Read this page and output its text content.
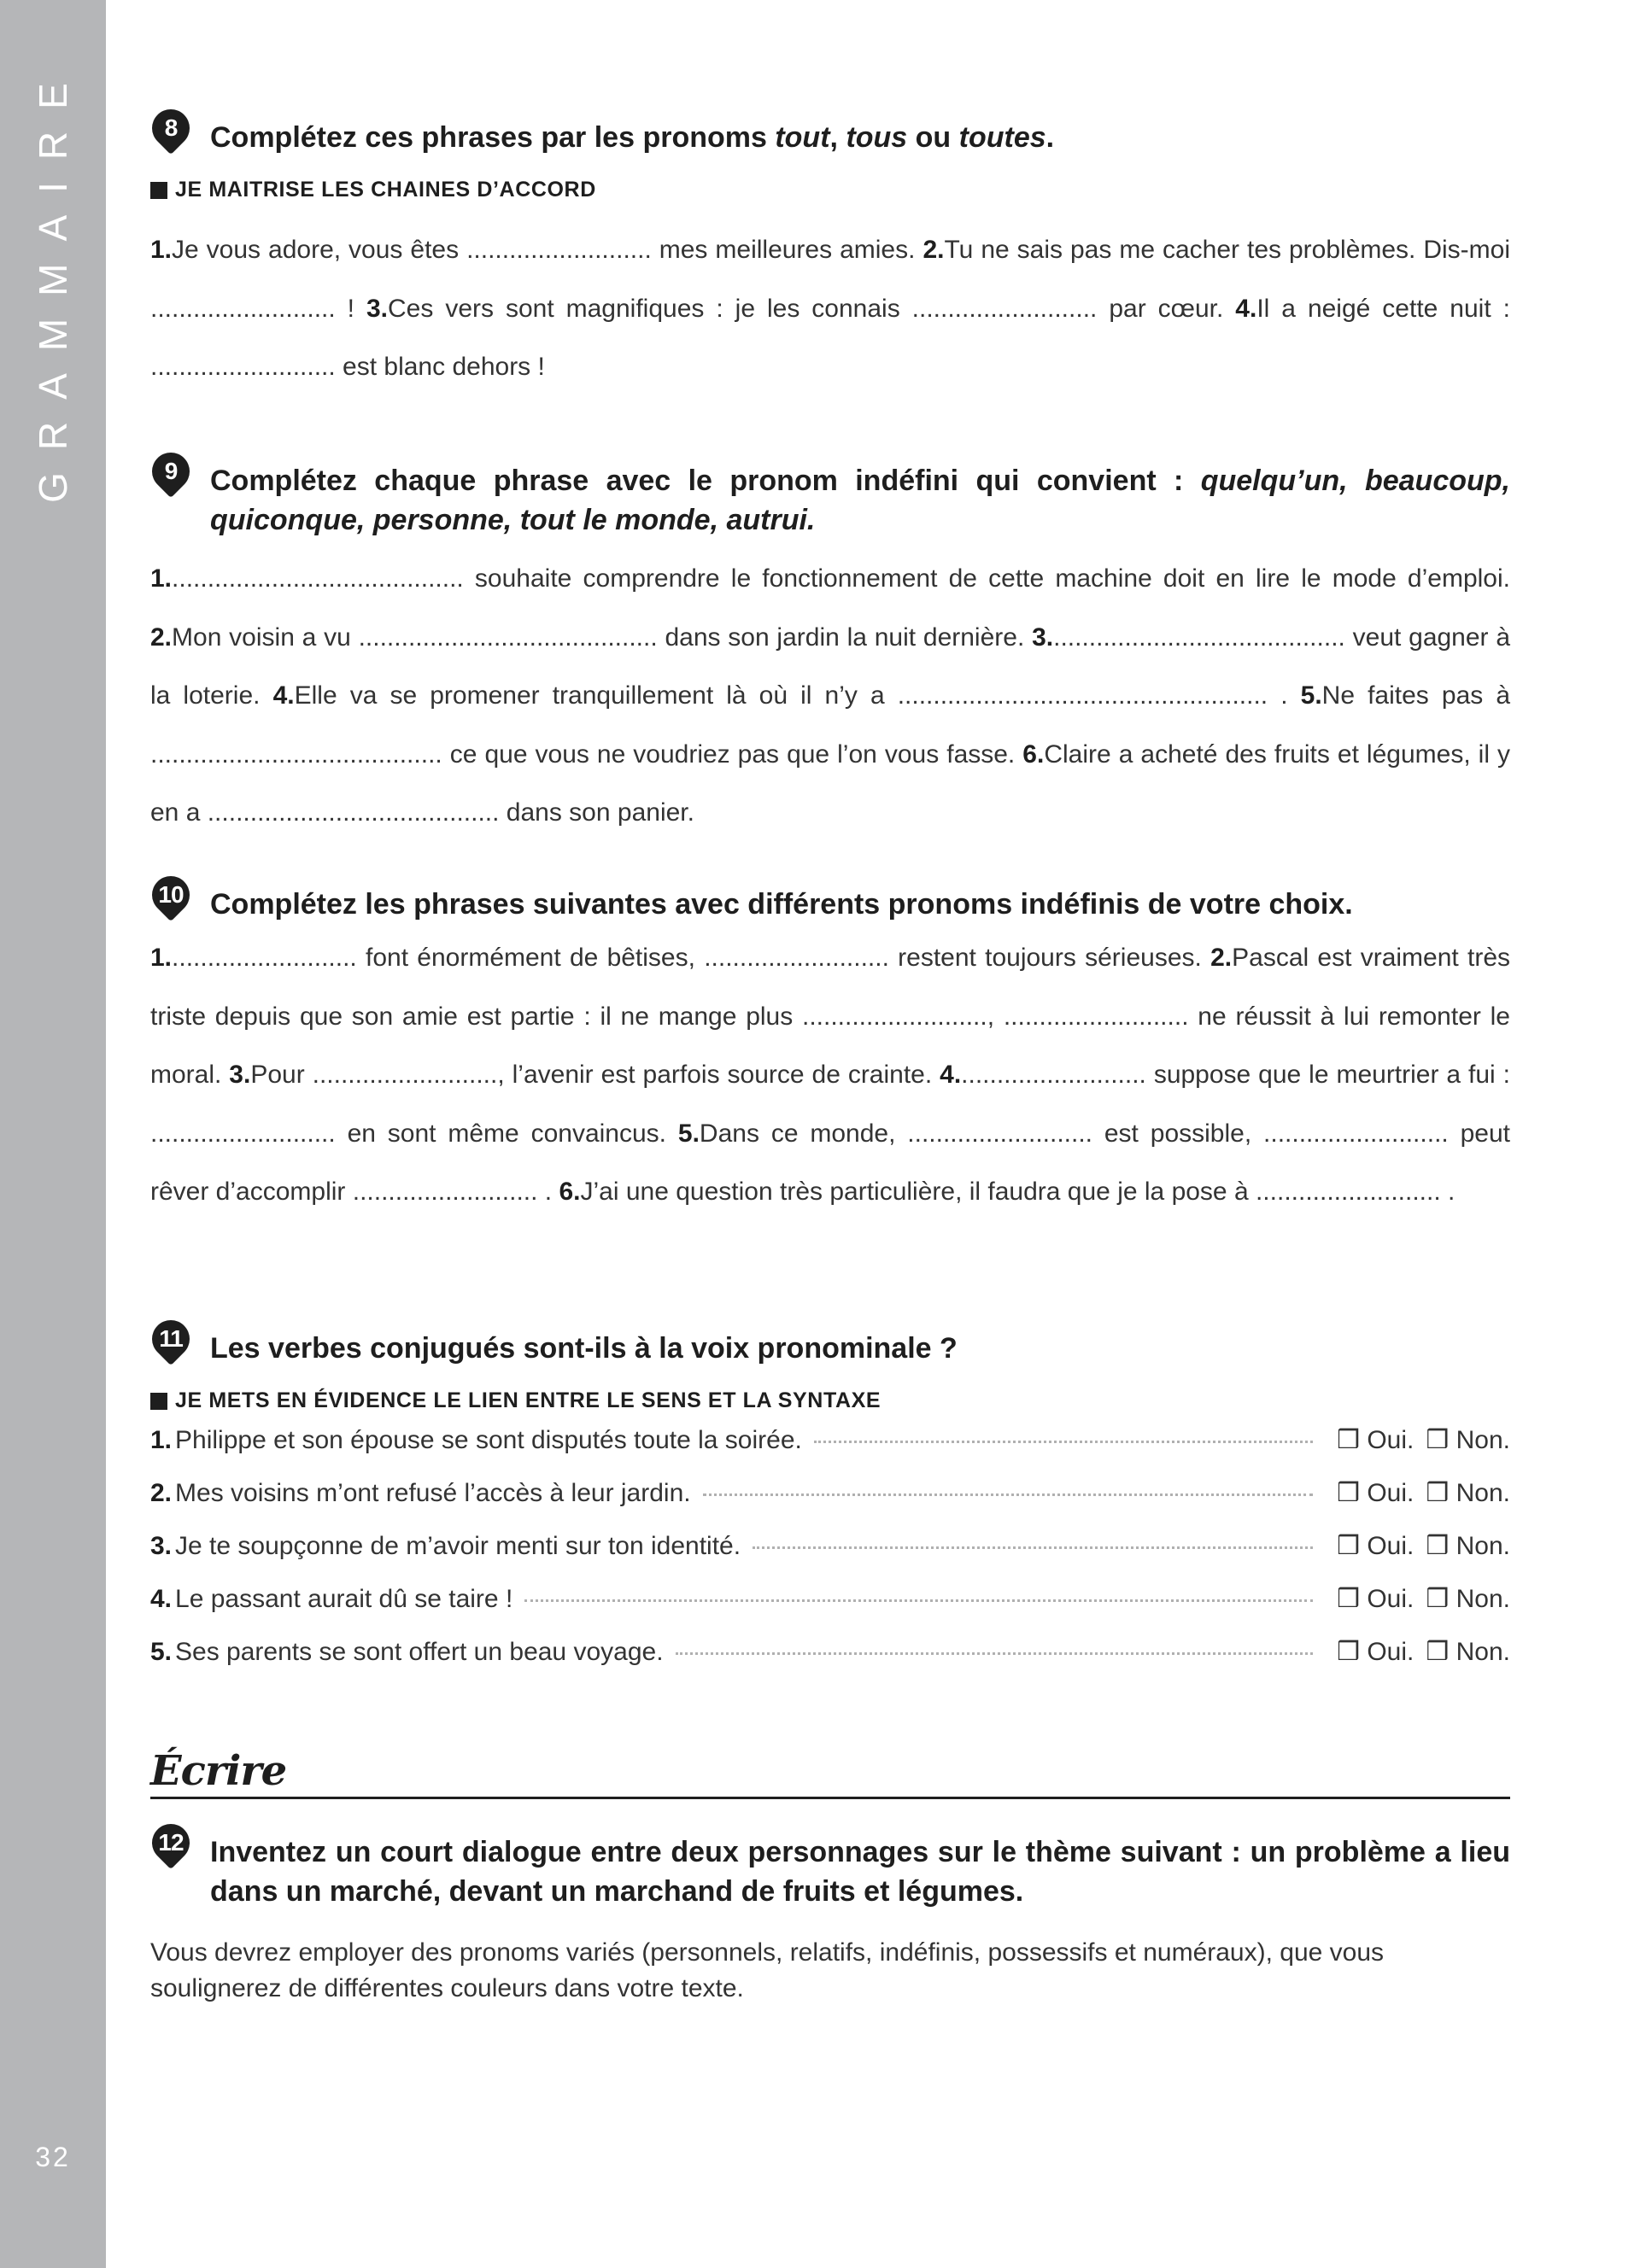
GRAMMAIRE
32
8	Complétez ces phrases par les pronoms tout, tous ou toutes.
JE MAITRISE LES CHAINES D’ACCORD
1.Je vous adore, vous êtes .......................... mes meilleures amies. 2.Tu ne sais pas me cacher tes problèmes. Dis-moi .......................... ! 3.Ces vers sont magnifiques : je les connais .......................... par cœur. 4.Il a neigé cette nuit : .......................... est blanc dehors !
9	Complétez chaque phrase avec le pronom indéfini qui convient : quelqu’un, beaucoup, quiconque, personne, tout le monde, autrui.
1.......................................... souhaite comprendre le fonctionnement de cette machine doit en lire le mode d’emploi. 2.Mon voisin a vu .......................................... dans son jardin la nuit dernière. 3.......................................... veut gagner à la loterie. 4.Elle va se promener tranquillement là où il n’y a .................................................... . 5.Ne faites pas à ......................................... ce que vous ne voudriez pas que l’on vous fasse. 6.Claire a acheté des fruits et légumes, il y en a ......................................... dans son panier.
10 Complétez les phrases suivantes avec différents pronoms indéfinis de votre choix.
1........................... font énormément de bêtises, .......................... restent toujours sérieuses. 2.Pascal est vraiment très triste depuis que son amie est partie : il ne mange plus .........................., .......................... ne réussit à lui remonter le moral. 3.Pour .........................., l’avenir est parfois source de crainte. 4........................... suppose que le meurtrier a fui : .......................... en sont même convaincus. 5.Dans ce monde, .......................... est possible, .......................... peut rêver d’accomplir .......................... . 6.J’ai une question très particulière, il faudra que je la pose à .......................... .
11 Les verbes conjugués sont-ils à la voix pronominale ?
JE METS EN ÉVIDENCE LE LIEN ENTRE LE SENS ET LA SYNTAXE
1. Philippe et son épouse se sont disputés toute la soirée.	❒ Oui. ❒ Non.
2. Mes voisins m’ont refusé l’accès à leur jardin.	❒ Oui. ❒ Non.
3. Je te soupçonne de m’avoir menti sur ton identité.	❒ Oui. ❒ Non.
4. Le passant aurait dû se taire !	❒ Oui. ❒ Non.
5. Ses parents se sont offert un beau voyage.	❒ Oui. ❒ Non.
Écrire
12 Inventez un court dialogue entre deux personnages sur le thème suivant : un problème a lieu dans un marché, devant un marchand de fruits et légumes.
Vous devrez employer des pronoms variés (personnels, relatifs, indéfinis, possessifs et numéraux), que vous soulignerez de différentes couleurs dans votre texte.
